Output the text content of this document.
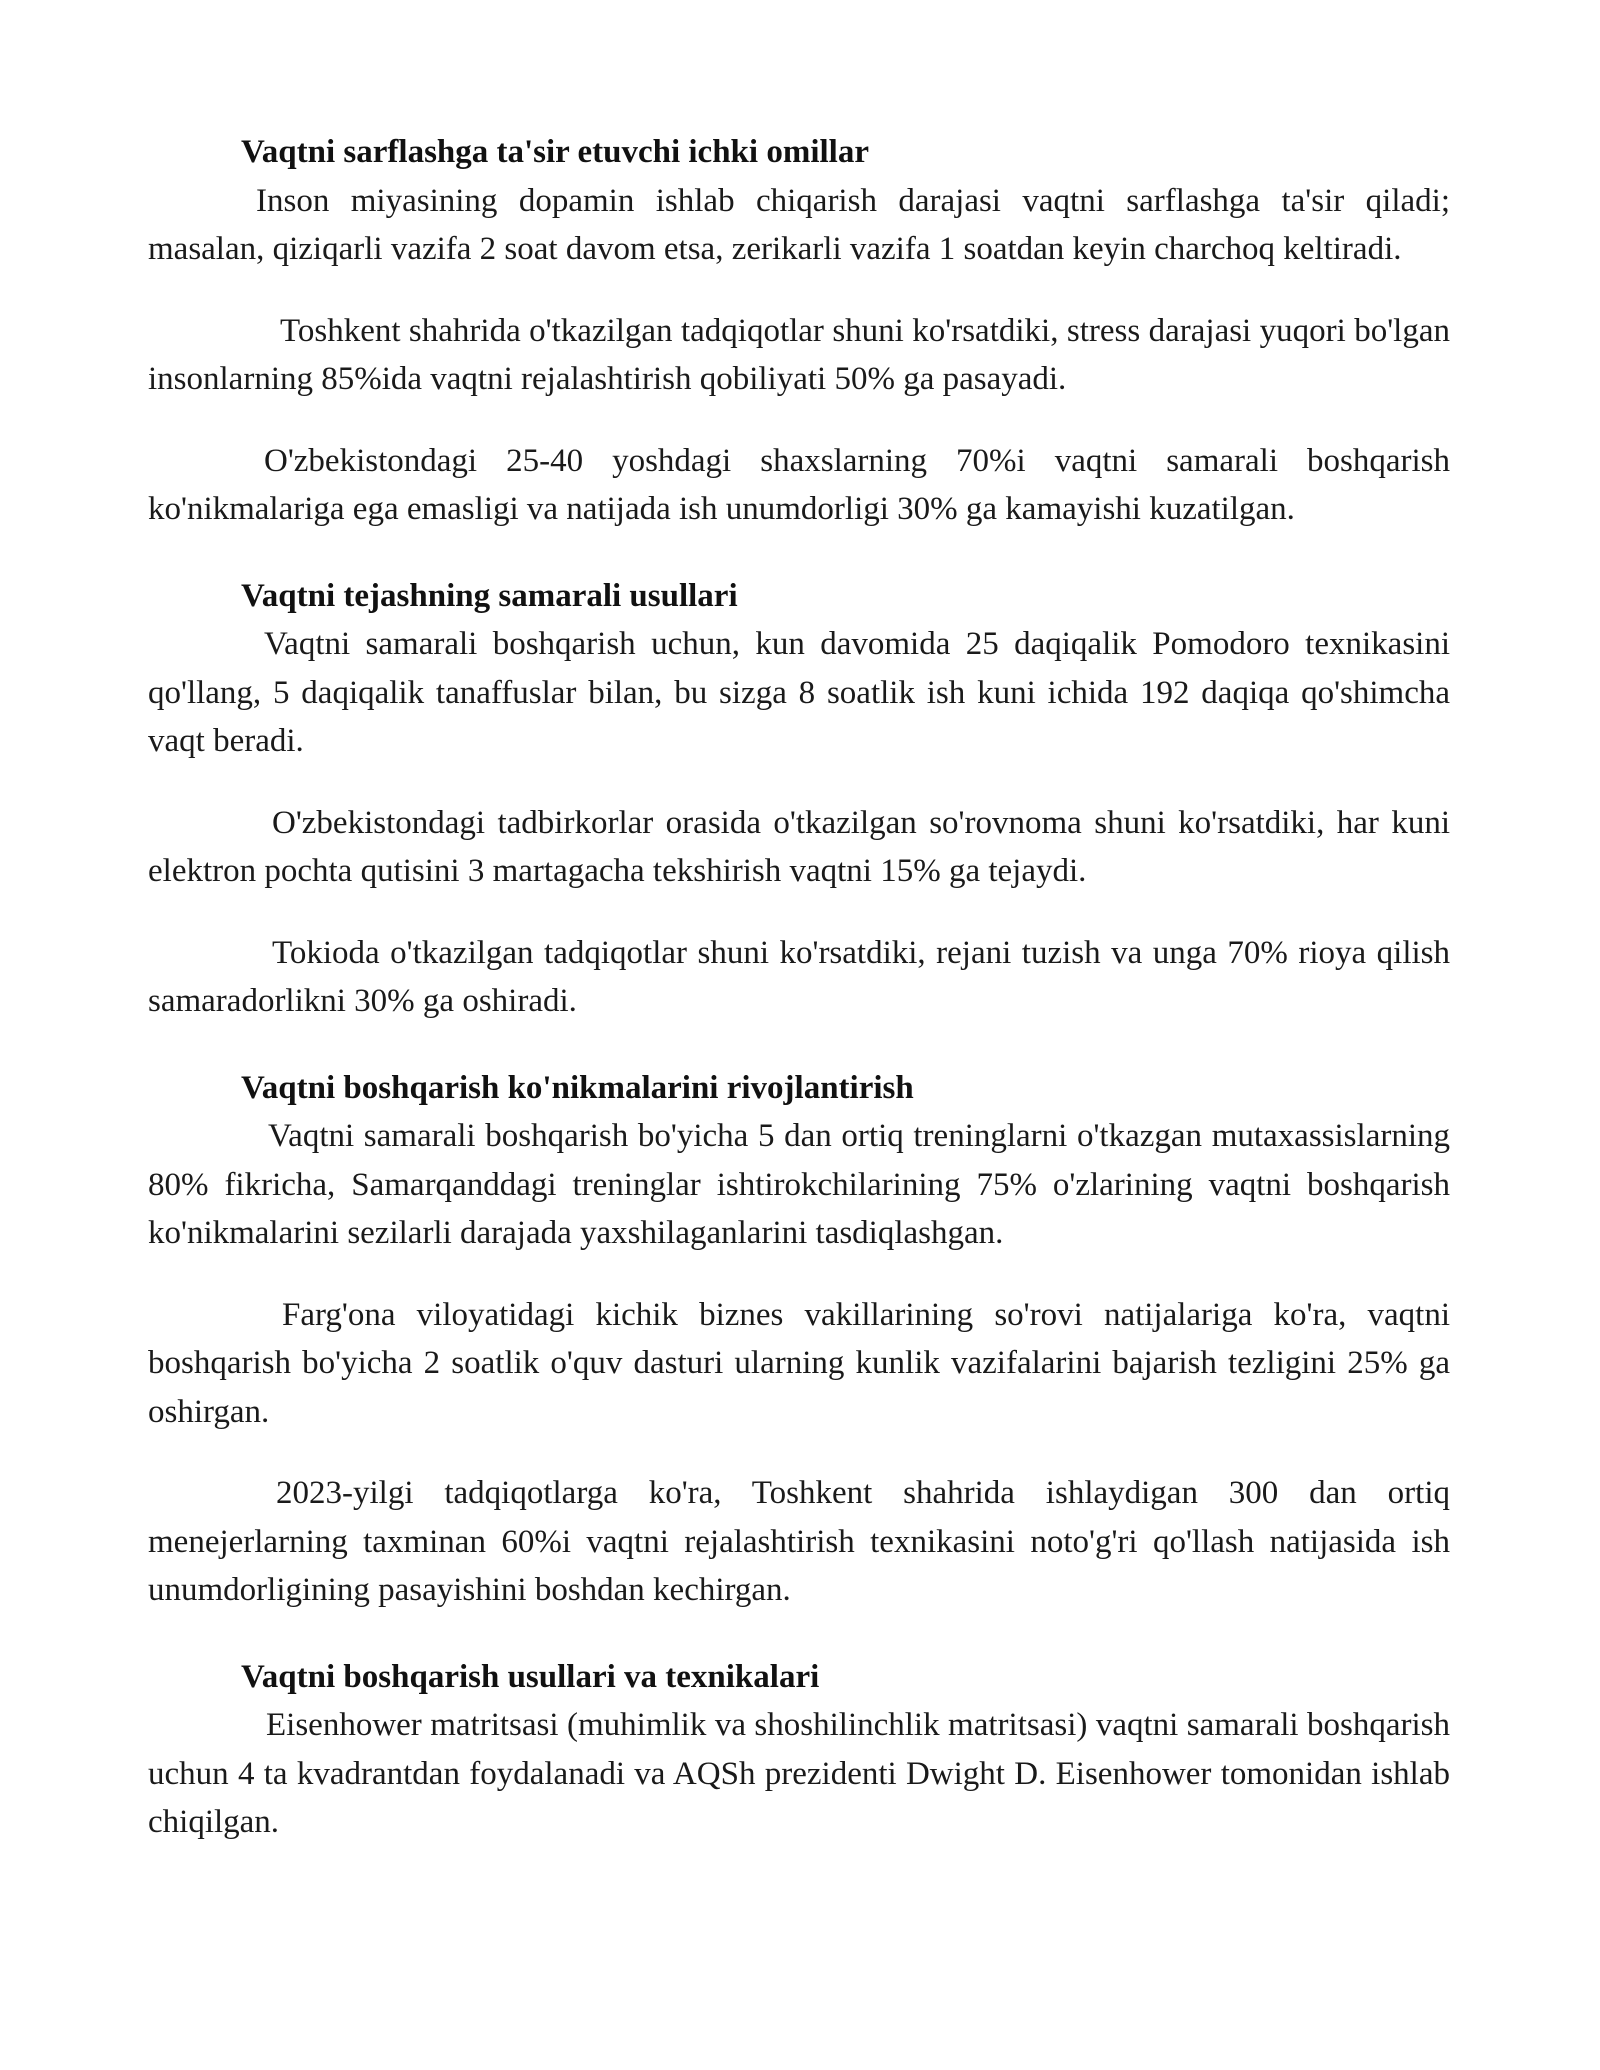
Vaqtni sarflashga ta'sir etuvchi ichki omillar

Inson miyasining dopamin ishlab chiqarish darajasi vaqtni sarflashga ta'sir qiladi; masalan, qiziqarli vazifa 2 soat davom etsa, zerikarli vazifa 1 soatdan keyin charchoq keltiradi.

Toshkent shahrida o'tkazilgan tadqiqotlar shuni ko'rsatdiki, stress darajasi yuqori bo'lgan insonlarning 85%ida vaqtni rejalashtirish qobiliyati 50% ga pasayadi.

O'zbekistondagi 25-40 yoshdagi shaxslarning 70%i vaqtni samarali boshqarish ko'nikmalariga ega emasligi va natijada ish unumdorligi 30% ga kamayishi kuzatilgan.

Vaqtni tejashning samarali usullari

Vaqtni samarali boshqarish uchun, kun davomida 25 daqiqalik Pomodoro texnikasini qo'llang, 5 daqiqalik tanaffuslar bilan, bu sizga 8 soatlik ish kuni ichida 192 daqiqa qo'shimcha vaqt beradi.

O'zbekistondagi tadbirkorlar orasida o'tkazilgan so'rovnoma shuni ko'rsatdiki, har kuni elektron pochta qutisini 3 martagacha tekshirish vaqtni 15% ga tejaydi.

Tokioda o'tkazilgan tadqiqotlar shuni ko'rsatdiki, rejani tuzish va unga 70% rioya qilish samaradorlikni 30% ga oshiradi.

Vaqtni boshqarish ko'nikmalarini rivojlantirish

Vaqtni samarali boshqarish bo'yicha 5 dan ortiq treninglarni o'tkazgan mutaxassislarning 80% fikricha, Samarqanddagi treninglar ishtirokchilarining 75% o'zlarining vaqtni boshqarish ko'nikmalarini sezilarli darajada yaxshilaganlarini tasdiqlashgan.

Farg'ona viloyatidagi kichik biznes vakillarining so'rovi natijalariga ko'ra, vaqtni boshqarish bo'yicha 2 soatlik o'quv dasturi ularning kunlik vazifalarini bajarish tezligini 25% ga oshirgan.

2023-yilgi tadqiqotlarga ko'ra, Toshkent shahrida ishlaydigan 300 dan ortiq menejerlarning taxminan 60%i vaqtni rejalashtirish texnikasini noto'g'ri qo'llash natijasida ish unumdorligining pasayishini boshdan kechirgan.

Vaqtni boshqarish usullari va texnikalari

Eisenhower matritsasi (muhimlik va shoshilinchlik matritsasi) vaqtni samarali boshqarish uchun 4 ta kvadrantdan foydalanadi va AQSh prezidenti Dwight D. Eisenhower tomonidan ishlab chiqilgan.
